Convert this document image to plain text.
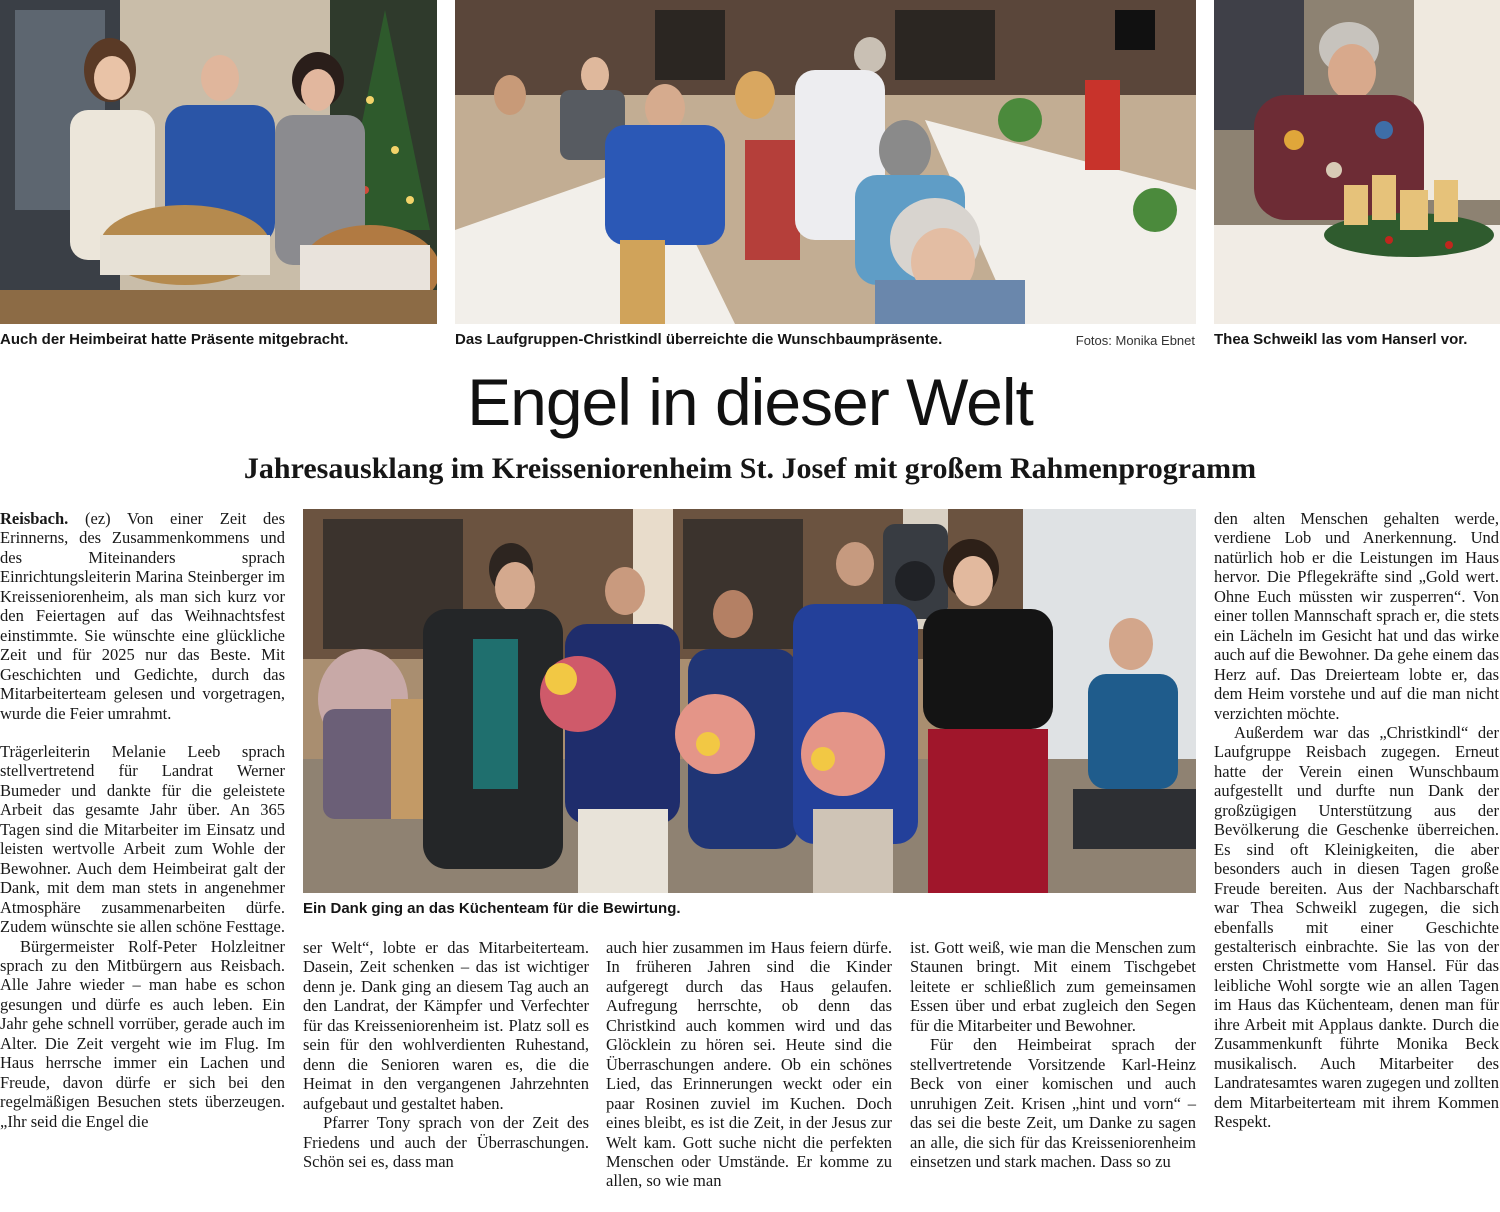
Auch der Heimbeirat hatte Präsente mitgebracht.	Das Laufgruppen-Christkindl überreichte die Wunschbaumpräsente.	Fotos: Monika Ebnet Thea Schweikl las vom Hanserl vor.
Engel in dieser Welt
Jahresausklang im Kreisseniorenheim St. Josef mit großem Rahmenprogramm
Ein Dank ging an das Küchenteam für die Bewirtung.

Reisbach. (ez) Von einer Zeit des Erinnerns, des Zusammenkommens und des Miteinanders sprach Einrichtungsleiterin Marina Steinberger im Kreisseniorenheim, als man sich kurz vor den Feiertagen auf das Weihnachtsfest einstimmte. Sie wünschte eine glückliche Zeit und für 2025 nur das Beste. Mit Geschichten und Gedichte, durch das Mitarbeiterteam gelesen und vorgetragen, wurde die Feier umrahmt.

Trägerleiterin Melanie Leeb sprach stellvertretend für Landrat Werner Bumeder und dankte für die geleistete Arbeit das gesamte Jahr über. An 365 Tagen sind die Mitarbeiter im Einsatz und leisten wertvolle Arbeit zum Wohle der Bewohner. Auch dem Heimbeirat galt der Dank, mit dem man stets in angenehmer Atmosphäre zusammenarbeiten dürfe. Zudem wünschte sie allen schöne Festtage.

Bürgermeister Rolf-Peter Holzleitner sprach zu den Mitbürgern aus Reisbach. Alle Jahre wieder – man habe es schon gesungen und dürfe es auch leben. Ein Jahr gehe schnell vorrüber, gerade auch im Alter. Die Zeit vergeht wie im Flug. Im Haus herrsche immer ein Lachen und Freude, davon dürfe er sich bei den regelmäßigen Besuchen stets überzeugen. „Ihr seid die Engel die

ser Welt“, lobte er das Mitarbeiterteam. Dasein, Zeit schenken – das ist wichtiger denn je. Dank ging an diesem Tag auch an den Landrat, der Kämpfer und Verfechter für das Kreisseniorenheim ist. Platz soll es sein für den wohlverdienten Ruhestand, denn die Senioren waren es, die die Heimat in den vergangenen Jahrzehnten aufgebaut und gestaltet haben.

Pfarrer Tony sprach von der Zeit des Friedens und auch der Überraschungen. Schön sei es, dass man

auch hier zusammen im Haus feiern dürfe. In früheren Jahren sind die Kinder aufgeregt durch das Haus gelaufen. Aufregung herrschte, ob denn das Christkind auch kommen wird und das Glöcklein zu hören sei. Heute sind die Überraschungen andere. Ob ein schönes Lied, das Erinnerungen weckt oder ein paar Rosinen zuviel im Kuchen. Doch eines bleibt, es ist die Zeit, in der Jesus zur Welt kam. Gott suche nicht die perfekten Menschen oder Umstände. Er komme zu allen, so wie man

ist. Gott weiß, wie man die Menschen zum Staunen bringt. Mit einem Tischgebet leitete er schließlich zum gemeinsamen Essen über und erbat zugleich den Segen für die Mitarbeiter und Bewohner.

Für den Heimbeirat sprach der stellvertretende Vorsitzende Karl-Heinz Beck von einer komischen und auch unruhigen Zeit. Krisen „hint und vorn“ – das sei die beste Zeit, um Danke zu sagen an alle, die sich für das Kreisseniorenheim einsetzen und stark machen. Dass so zu

den alten Menschen gehalten werde, verdiene Lob und Anerkennung. Und natürlich hob er die Leistungen im Haus hervor. Die Pflegekräfte sind „Gold wert. Ohne Euch müssten wir zusperren“. Von einer tollen Mannschaft sprach er, die stets ein Lächeln im Gesicht hat und das wirke auch auf die Bewohner. Da gehe einem das Herz auf. Das Dreierteam lobte er, das dem Heim vorstehe und auf die man nicht verzichten möchte.

Außerdem war das „Christkindl“ der Laufgruppe Reisbach zugegen. Erneut hatte der Verein einen Wunschbaum aufgestellt und durfte nun Dank der großzügigen Unterstützung aus der Bevölkerung die Geschenke überreichen. Es sind oft Kleinigkeiten, die aber besonders auch in diesen Tagen große Freude bereiten. Aus der Nachbarschaft war Thea Schweikl zugegen, die sich ebenfalls mit einer Geschichte gestalterisch einbrachte. Sie las von der ersten Christmette vom Hansel. Für das leibliche Wohl sorgte wie an allen Tagen im Haus das Küchenteam, denen man für ihre Arbeit mit Applaus dankte. Durch die Zusammenkunft führte Monika Beck musikalisch. Auch Mitarbeiter des Landratesamtes waren zugegen und zollten dem Mitarbeiterteam mit ihrem Kommen Respekt.
